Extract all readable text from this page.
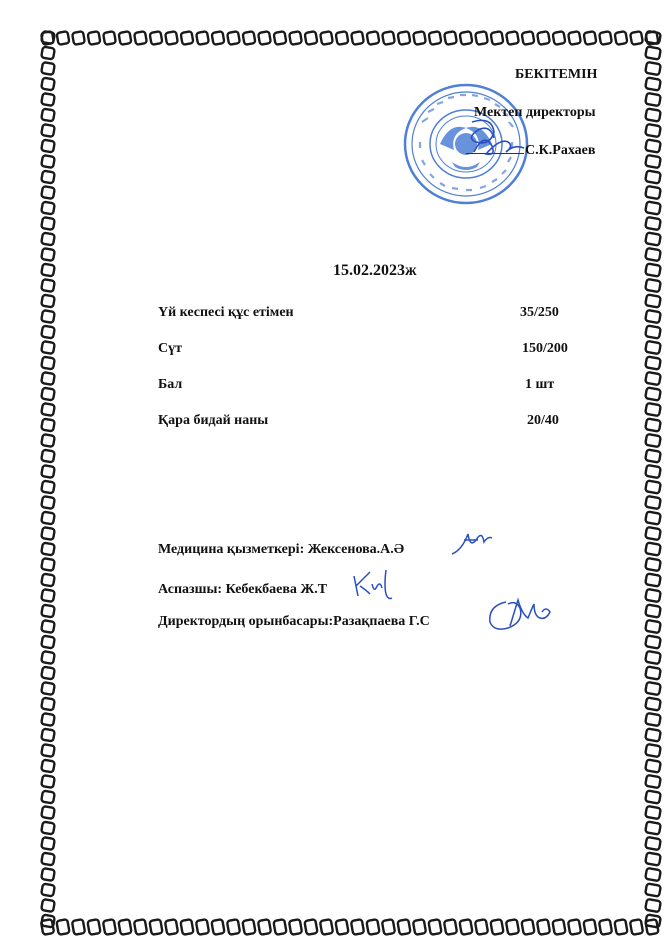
БЕКІТЕМІН
Мектеп директоры
С.К.Рахаев
15.02.2023ж
Үй кеспесі құс етімен	35/250
Сүт	150/200
Бал	1 шт
Қара бидай наны	20/40
Медицина қызметкері: Жексенова.А.Ә
Аспазшы: Кебекбаева Ж.Т
Директордың орынбасары:Разақпаева Г.С
